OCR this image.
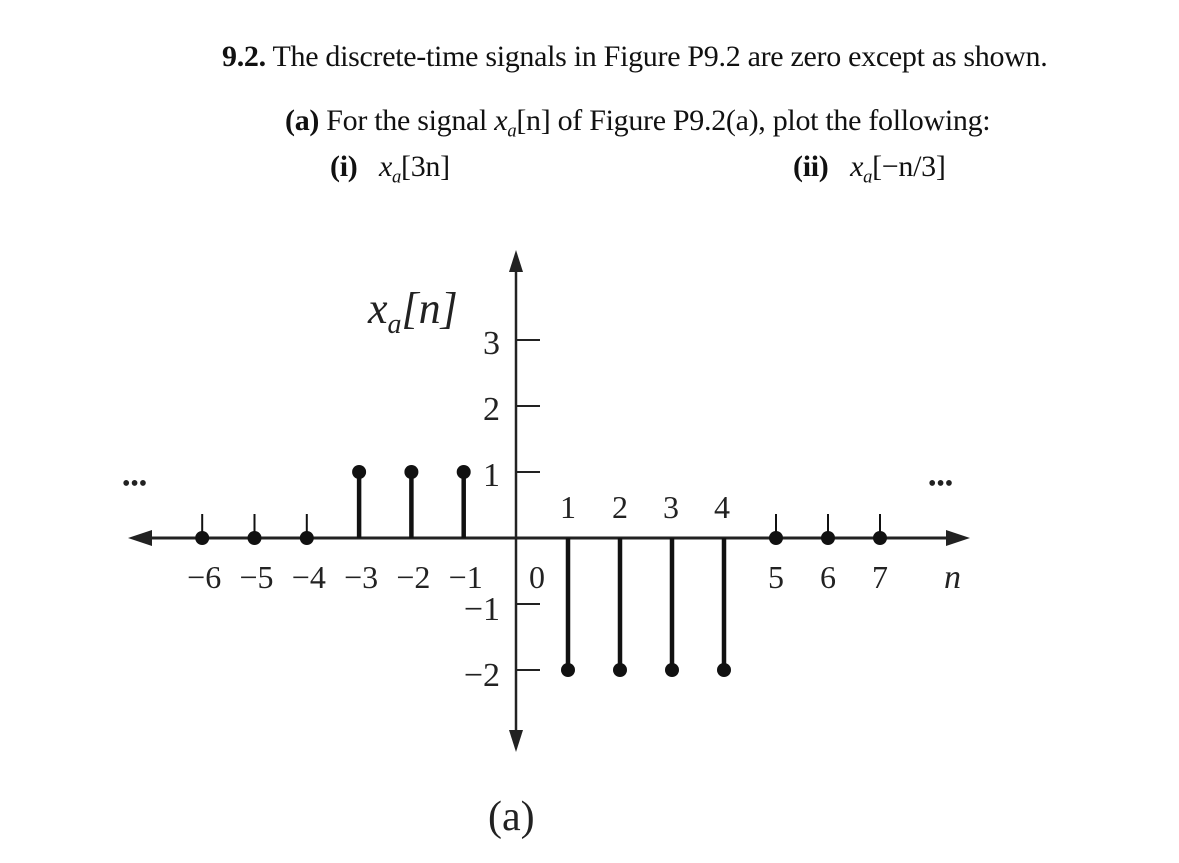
9.2. The discrete-time signals in Figure P9.2 are zero except as shown.
(a) For the signal $x_a[n]$ of Figure P9.2(a), plot the following:
(i) $x_a[3n]$	(ii) $x_a[-n/3]$
−6 −5 −4 −3 −2 −1 0
1 2 3 4
5 6 7
3
2
1
−1
−2
•••	•••
$x_a[n]$
n
(a)
